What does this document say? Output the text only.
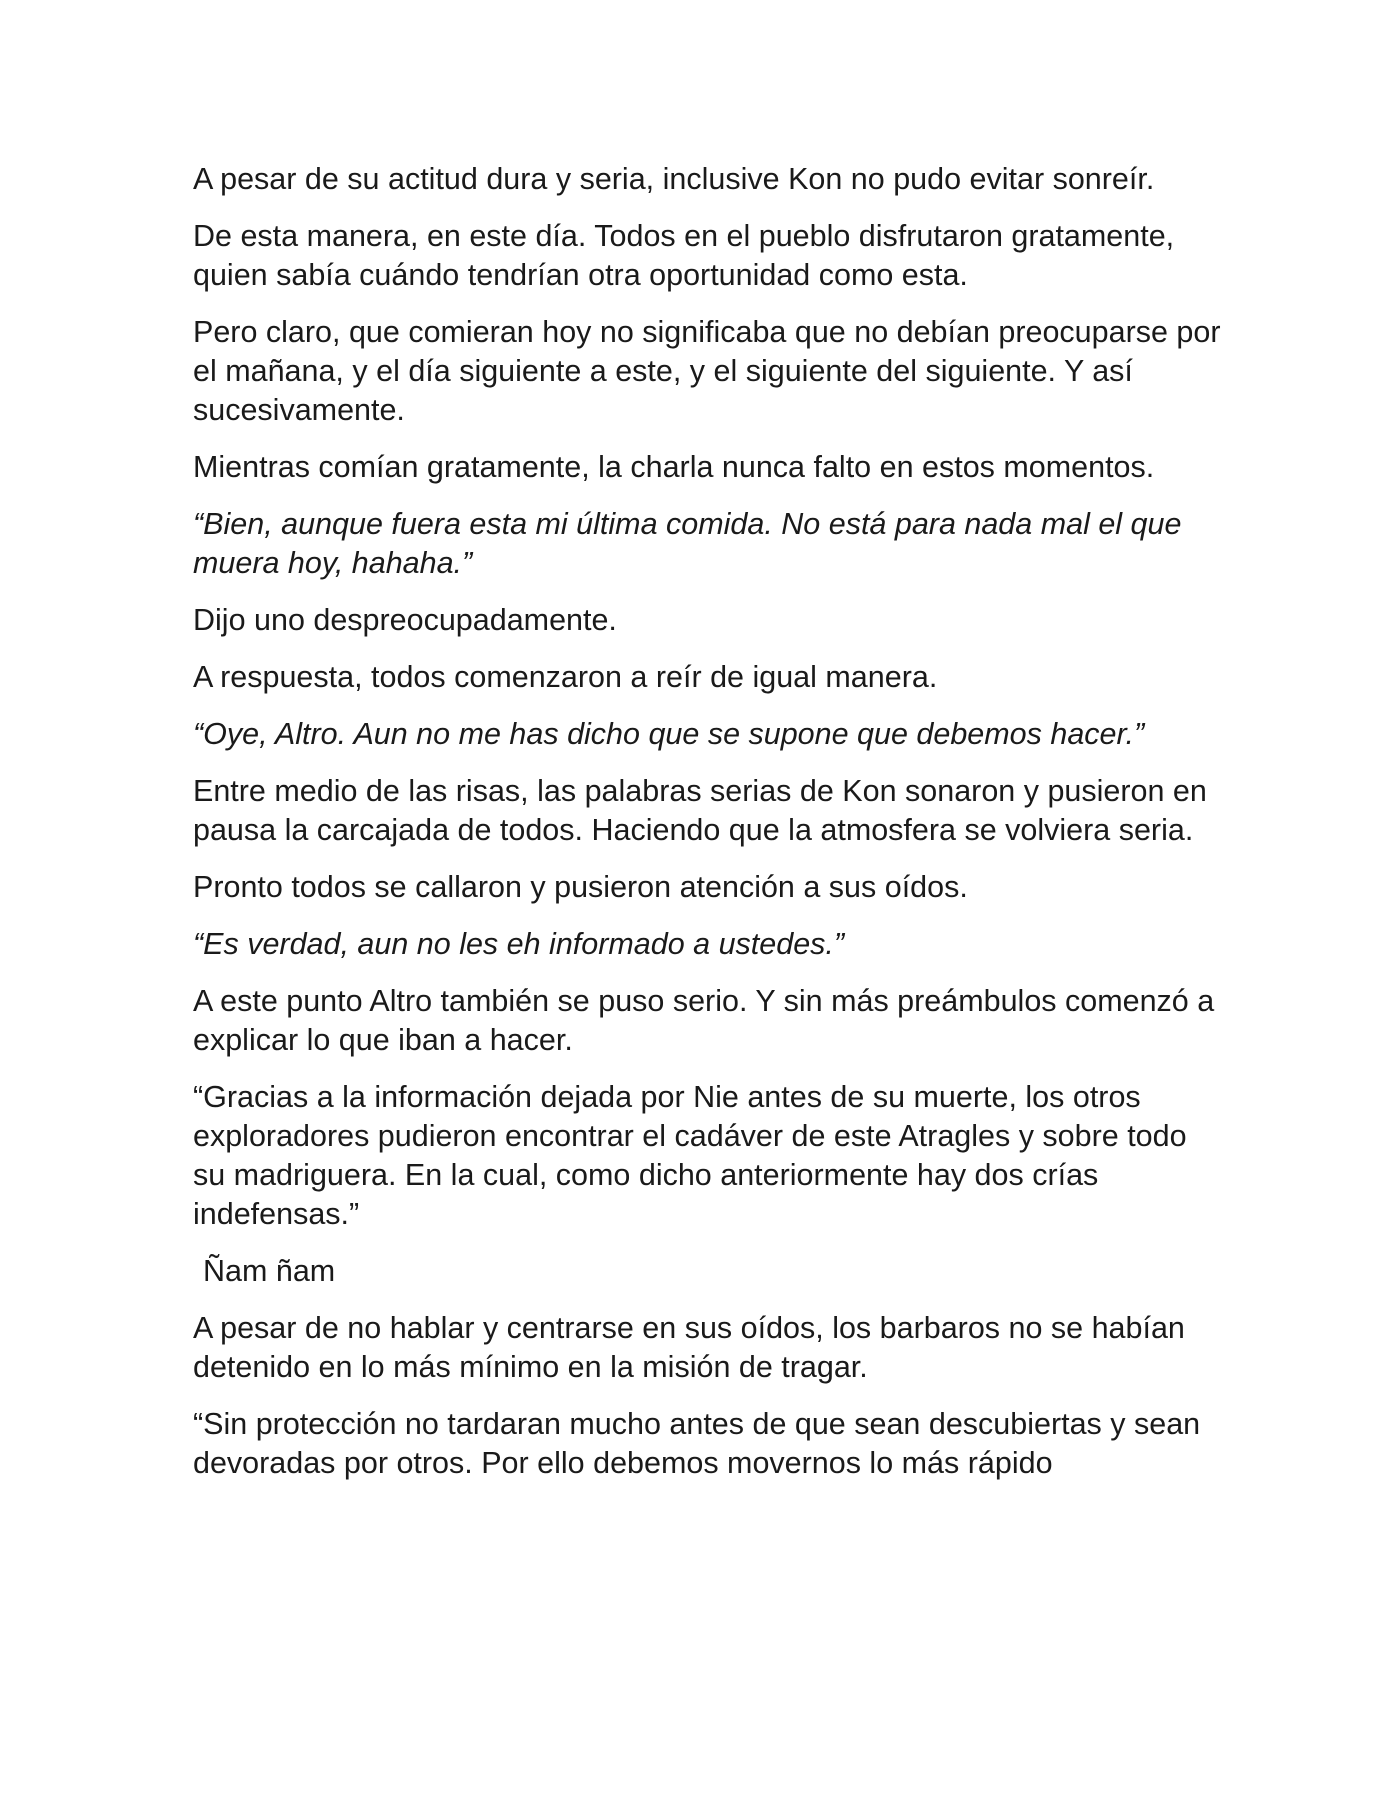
A pesar de su actitud dura y seria, inclusive Kon no pudo evitar sonreír.

De esta manera, en este día. Todos en el pueblo disfrutaron gratamente, quien sabía cuándo tendrían otra oportunidad como esta.

Pero claro, que comieran hoy no significaba que no debían preocuparse por el mañana, y el día siguiente a este, y el siguiente del siguiente. Y así sucesivamente.

Mientras comían gratamente, la charla nunca falto en estos momentos.

“Bien, aunque fuera esta mi última comida. No está para nada mal el que muera hoy, hahaha.”

Dijo uno despreocupadamente.

A respuesta, todos comenzaron a reír de igual manera.

“Oye, Altro. Aun no me has dicho que se supone que debemos hacer.”

Entre medio de las risas, las palabras serias de Kon sonaron y pusieron en pausa la carcajada de todos. Haciendo que la atmosfera se volviera seria.

Pronto todos se callaron y pusieron atención a sus oídos.

“Es verdad, aun no les eh informado a ustedes.”

A este punto Altro también se puso serio. Y sin más preámbulos comenzó a explicar lo que iban a hacer.

“Gracias a la información dejada por Nie antes de su muerte, los otros exploradores pudieron encontrar el cadáver de este Atragles y sobre todo su madriguera. En la cual, como dicho anteriormente hay dos crías indefensas.”

Ñam ñam

A pesar de no hablar y centrarse en sus oídos, los barbaros no se habían detenido en lo más mínimo en la misión de tragar.

“Sin protección no tardaran mucho antes de que sean descubiertas y sean devoradas por otros. Por ello debemos movernos lo más rápido
